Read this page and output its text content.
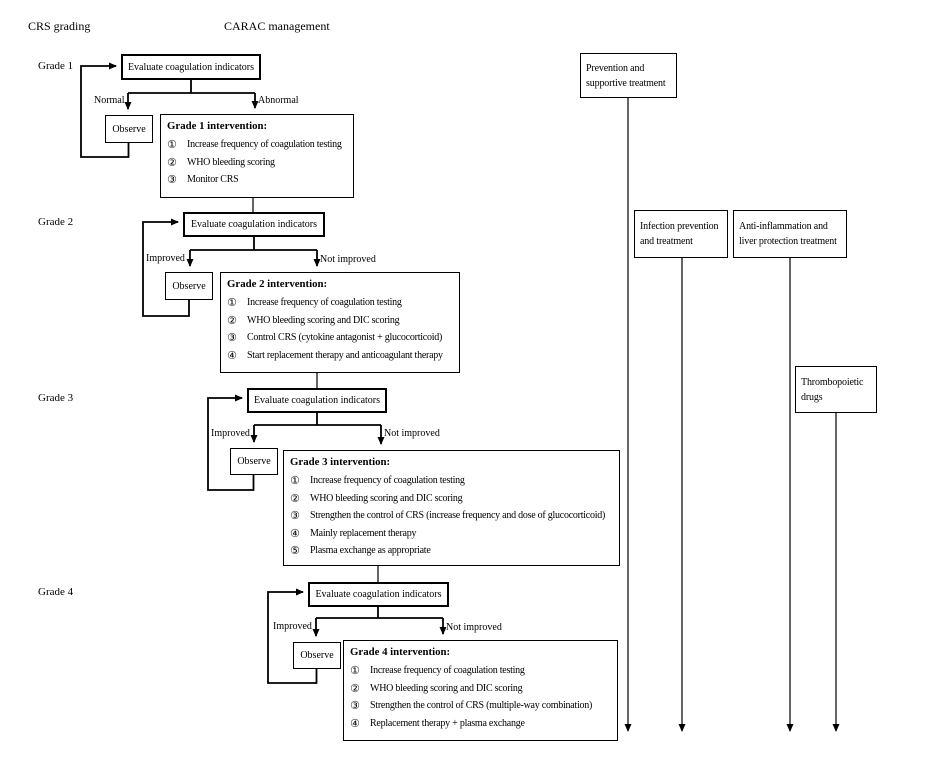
CRS grading	CARAC management
Grade 1	Evaluate coagulation indicators
Normal	Abnormal
Observe	Grade 1 intervention:
①	Increase frequency of coagulation testing
②	WHO bleeding scoring
③	Monitor CRS
Grade 2	Evaluate coagulation indicators
Improved	Not improved
Observe	Grade 2 intervention:
①	Increase frequency of coagulation testing
②	WHO bleeding scoring and DIC scoring
③	Control CRS (cytokine antagonist + glucocorticoid)
④	Start replacement therapy and anticoagulant therapy
Grade 3	Evaluate coagulation indicators
Improved	Not improved
Observe	Grade 3 intervention:
①	Increase frequency of coagulation testing
②	WHO bleeding scoring and DIC scoring
③	Strengthen the control of CRS (increase frequency and dose of glucocorticoid)
④	Mainly replacement therapy
⑤	Plasma exchange as appropriate
Grade 4	Evaluate coagulation indicators
Improved	Not improved
Observe	Grade 4 intervention:
①	Increase frequency of coagulation testing
②	WHO bleeding scoring and DIC scoring
③	Strengthen the control of CRS (multiple-way combination)
④	Replacement therapy + plasma exchange
Prevention and supportive treatment
Infection prevention and treatment
Anti-inflammation and liver protection treatment
Thrombopoietic drugs
